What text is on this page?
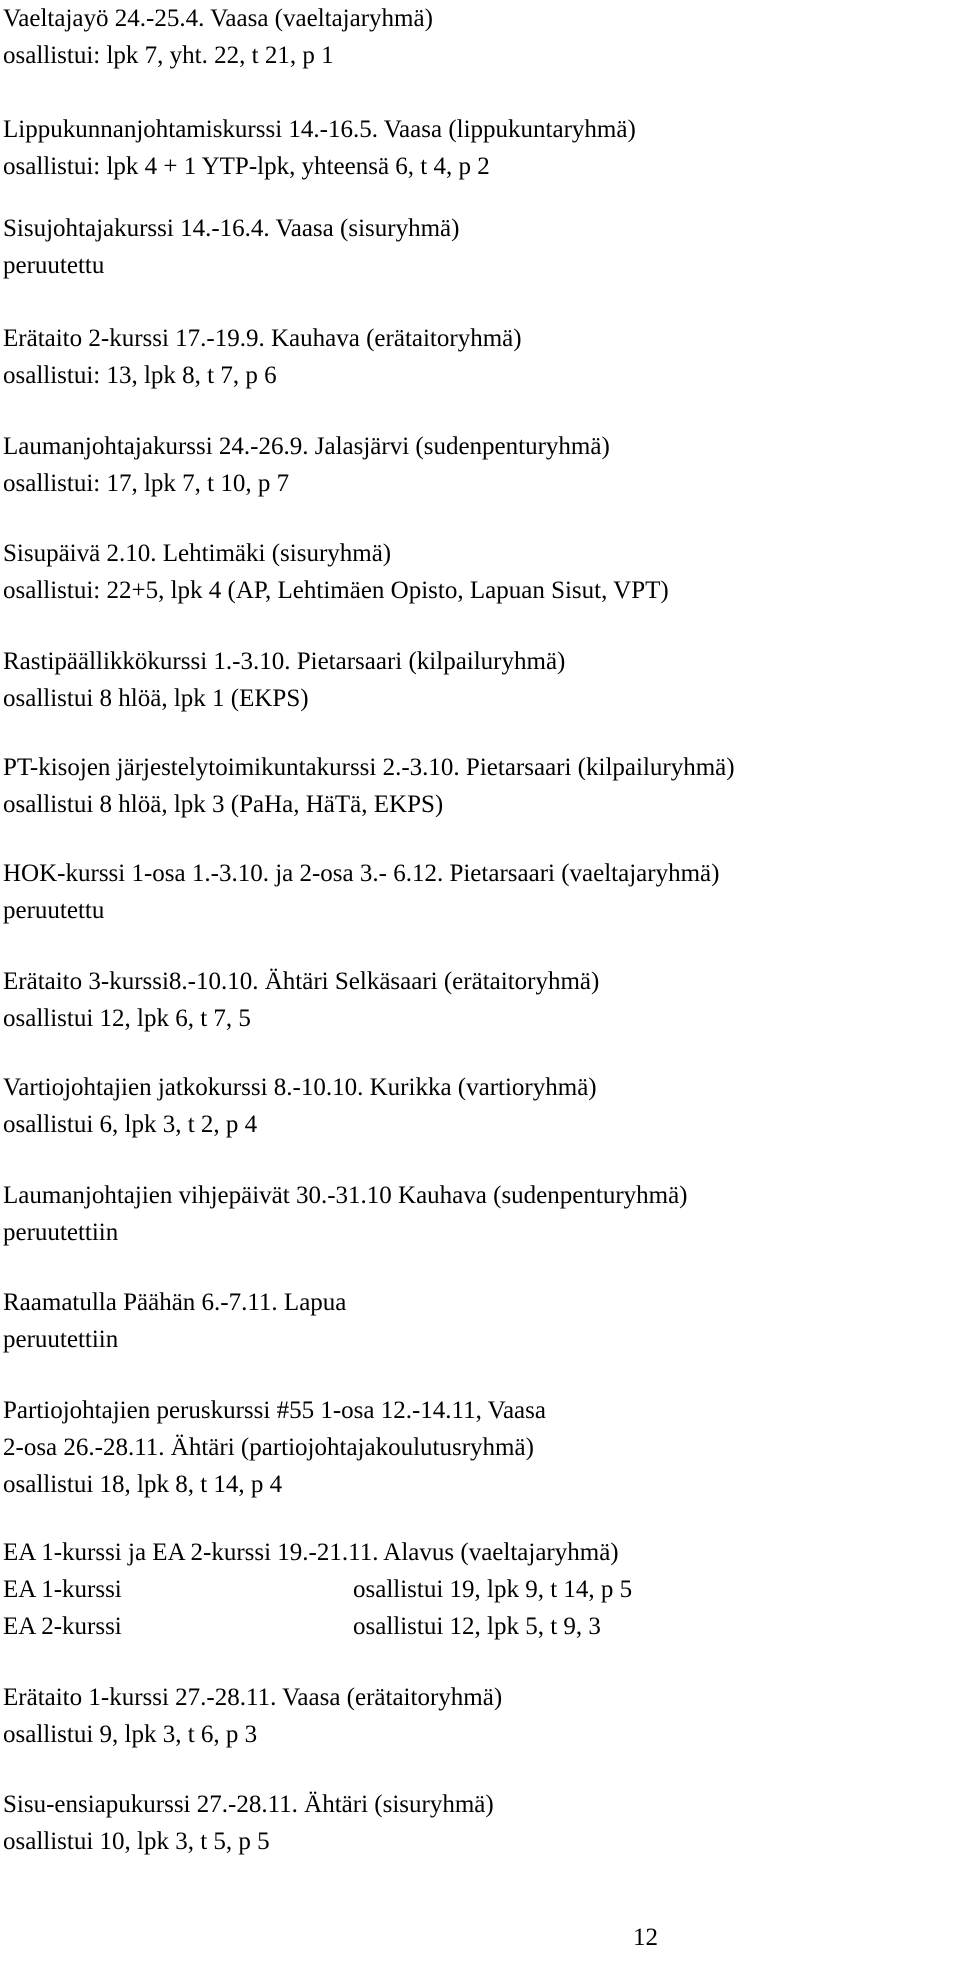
Vaeltajayö 24.-25.4. Vaasa (vaeltajaryhmä)
osallistui: lpk 7, yht. 22, t 21, p 1
Lippukunnanjohtamiskurssi 14.-16.5. Vaasa (lippukuntaryhmä)
osallistui: lpk 4 + 1 YTP-lpk, yhteensä 6, t 4, p 2
Sisujohtajakurssi 14.-16.4. Vaasa (sisuryhmä)
peruutettu
Erätaito 2-kurssi 17.-19.9. Kauhava (erätaitoryhmä)
osallistui: 13, lpk 8, t 7, p 6
Laumanjohtajakurssi 24.-26.9. Jalasjärvi (sudenpenturyhmä)
osallistui: 17, lpk 7, t 10, p 7
Sisupäivä 2.10. Lehtimäki (sisuryhmä)
osallistui: 22+5, lpk 4 (AP, Lehtimäen Opisto, Lapuan Sisut, VPT)
Rastipäällikkökurssi 1.-3.10. Pietarsaari (kilpailuryhmä)
osallistui 8 hlöä, lpk 1 (EKPS)
PT-kisojen järjestelytoimikuntakurssi 2.-3.10. Pietarsaari (kilpailuryhmä)
osallistui 8 hlöä, lpk 3 (PaHa, HäTä, EKPS)
HOK-kurssi 1-osa 1.-3.10. ja 2-osa 3.- 6.12. Pietarsaari (vaeltajaryhmä)
peruutettu
Erätaito 3-kurssi8.-10.10. Ähtäri Selkäsaari (erätaitoryhmä)
osallistui 12, lpk 6, t 7, 5
Vartiojohtajien jatkokurssi 8.-10.10. Kurikka (vartioryhmä)
osallistui 6, lpk 3, t 2, p 4
Laumanjohtajien vihjepäivät 30.-31.10 Kauhava (sudenpenturyhmä)
peruutettiin
Raamatulla Päähän 6.-7.11. Lapua
peruutettiin
Partiojohtajien peruskurssi #55 1-osa 12.-14.11, Vaasa
2-osa 26.-28.11. Ähtäri (partiojohtajakoulutusryhmä)
osallistui 18, lpk 8, t 14, p 4
EA 1-kurssi ja EA 2-kurssi 19.-21.11. Alavus (vaeltajaryhmä)
EA 1-kurssi	osallistui 19, lpk 9, t 14, p 5
EA 2-kurssi	osallistui 12, lpk 5, t 9, 3
Erätaito 1-kurssi 27.-28.11. Vaasa (erätaitoryhmä)
osallistui 9, lpk 3, t 6, p 3
Sisu-ensiapukurssi 27.-28.11. Ähtäri (sisuryhmä)
osallistui 10, lpk 3, t 5, p 5
12
